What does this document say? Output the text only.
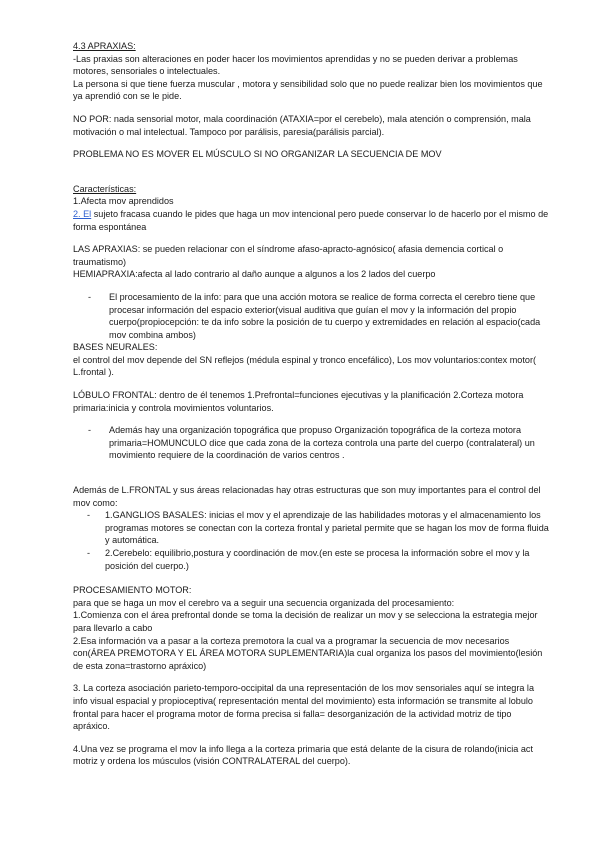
4.3 APRAXIAS:

-Las praxias son alteraciones en poder hacer los movimientos aprendidas y no se pueden derivar a problemas motores, sensoriales o intelectuales.

La persona si que tiene fuerza muscular , motora y sensibilidad solo que no puede realizar bien los movimientos que ya aprendió con se le pide.

NO POR: nada sensorial motor, mala coordinación (ATAXIA=por el cerebelo), mala atención o comprensión, mala motivación o mal intelectual. Tampoco por parálisis, paresia(parálisis parcial).

PROBLEMA NO ES MOVER EL MÚSCULO SI NO ORGANIZAR LA SECUENCIA DE MOV

Características:

1.Afecta mov aprendidos

2. El sujeto fracasa cuando le pides que haga un mov intencional pero puede conservar lo de hacerlo por el mismo de forma espontánea

LAS APRAXIAS: se pueden relacionar con el síndrome afaso-apracto-agnósico( afasia demencia cortical o traumatismo)

HEMIAPRAXIA:afecta al lado contrario al daño aunque a algunos a los 2 lados del cuerpo

- El procesamiento de la info: para que una acción motora se realice de forma correcta el cerebro tiene que procesar información del espacio exterior(visual auditiva que guían el mov y la información del propio cuerpo(propiocepción: te da info sobre la posición de tu cuerpo y extremidades en relación al espacio(cada mov combina ambos)

BASES NEURALES:

el control del mov depende del SN reflejos (médula espinal y tronco encefálico), Los mov voluntarios:contex motor( L.frontal ).

LÓBULO FRONTAL: dentro de él tenemos 1.Prefrontal=funciones ejecutivas y la planificación 2.Corteza motora primaria:inicia y controla movimientos voluntarios.

- Además hay una organización topográfica que propuso Organización topográfica de la corteza motora primaria=HOMUNCULO dice que cada zona de la corteza controla una parte del cuerpo (contralateral) un movimiento requiere de la coordinación de varios centros .

Además de L.FRONTAL y sus áreas relacionadas hay otras estructuras que son muy importantes para el control del mov como:

- 1.GANGLIOS BASALES: inicias el mov y el aprendizaje de las habilidades motoras y el almacenamiento los programas motores se conectan con la corteza frontal y parietal permite que se hagan los mov de forma fluida y automática.
- 2.Cerebelo: equilibrio,postura y coordinación de mov.(en este se procesa la información sobre el mov y la posición del cuerpo.)

PROCESAMIENTO MOTOR:

para que se haga un mov el cerebro va a seguir una secuencia organizada del procesamiento:

1.Comienza con el área prefrontal donde se toma la decisión de realizar un mov y se selecciona la estrategia mejor para llevarlo a cabo

2.Esa información va a pasar a la corteza premotora la cual va a programar la secuencia de mov necesarios con(ÁREA PREMOTORA Y EL ÁREA MOTORA SUPLEMENTARIA)la cual organiza los pasos del movimiento(lesión de esta zona=trastorno apráxico)

3. La corteza asociación parieto-temporo-occipital da una representación de los mov sensoriales aquí se integra la info visual espacial y propioceptiva( representación mental del movimiento) esta información se transmite al lobulo frontal para hacer el programa motor de forma precisa si falla= desorganización de la actividad motriz de tipo apráxico.

4.Una vez se programa el mov la info llega a la corteza primaria que está delante de la cisura de rolando(inicia act motriz y ordena los músculos (visión CONTRALATERAL del cuerpo).
